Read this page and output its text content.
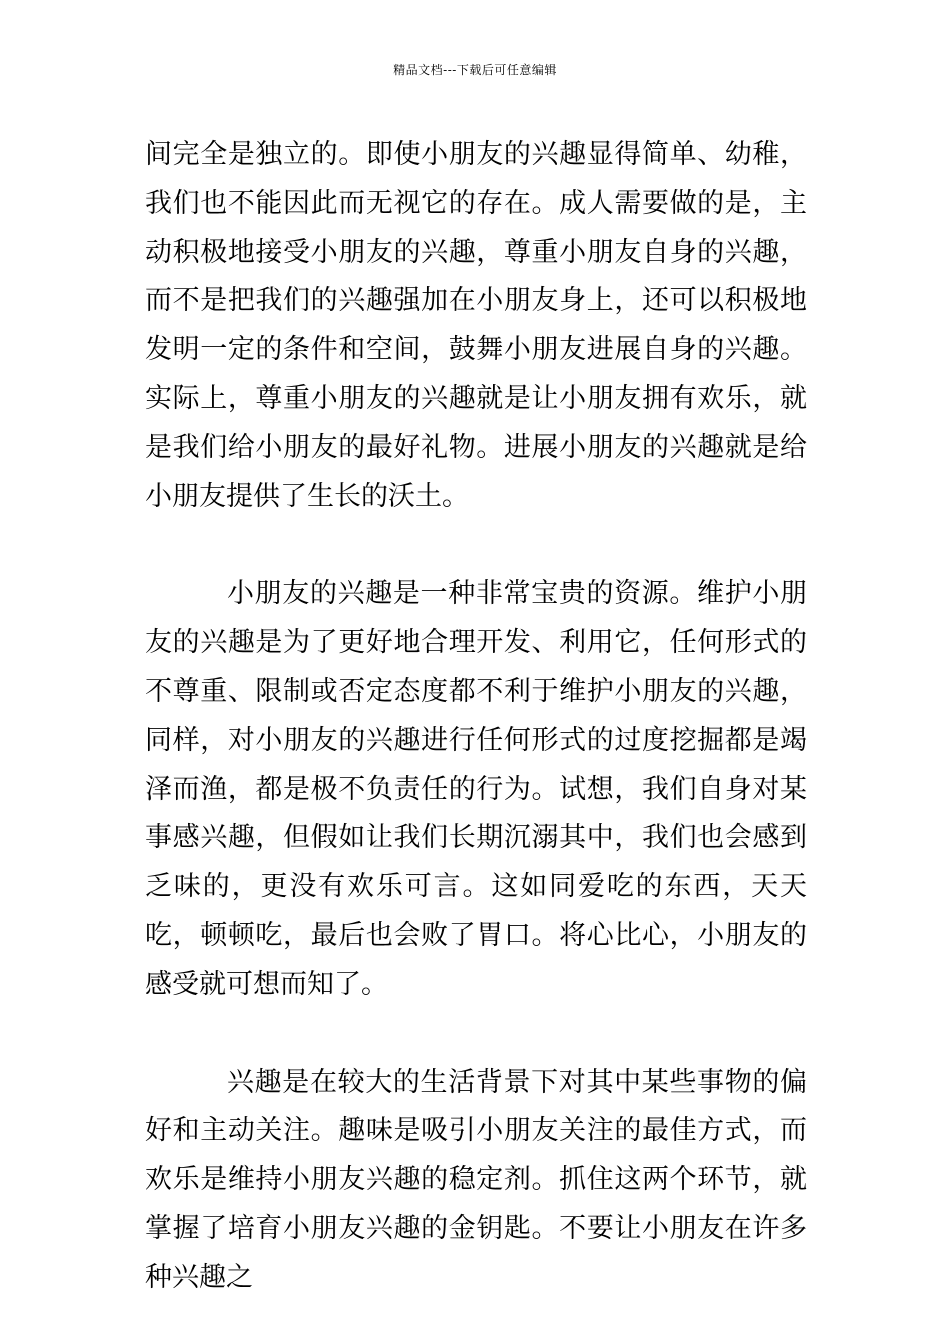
精品文档---下载后可任意编辑

间完全是独立的。即使小朋友的兴趣显得简单、幼稚，我们也不能因此而无视它的存在。成人需要做的是，主动积极地接受小朋友的兴趣，尊重小朋友自身的兴趣，而不是把我们的兴趣强加在小朋友身上，还可以积极地发明一定的条件和空间，鼓舞小朋友进展自身的兴趣。实际上，尊重小朋友的兴趣就是让小朋友拥有欢乐，就是我们给小朋友的最好礼物。进展小朋友的兴趣就是给小朋友提供了生长的沃土。

小朋友的兴趣是一种非常宝贵的资源。维护小朋友的兴趣是为了更好地合理开发、利用它，任何形式的不尊重、限制或否定态度都不利于维护小朋友的兴趣，同样，对小朋友的兴趣进行任何形式的过度挖掘都是竭泽而渔，都是极不负责任的行为。试想，我们自身对某事感兴趣，但假如让我们长期沉溺其中，我们也会感到乏味的，更没有欢乐可言。这如同爱吃的东西，天天吃，顿顿吃，最后也会败了胃口。将心比心，小朋友的感受就可想而知了。

兴趣是在较大的生活背景下对其中某些事物的偏好和主动关注。趣味是吸引小朋友关注的最佳方式，而欢乐是维持小朋友兴趣的稳定剂。抓住这两个环节，就掌握了培育小朋友兴趣的金钥匙。不要让小朋友在许多种兴趣之
